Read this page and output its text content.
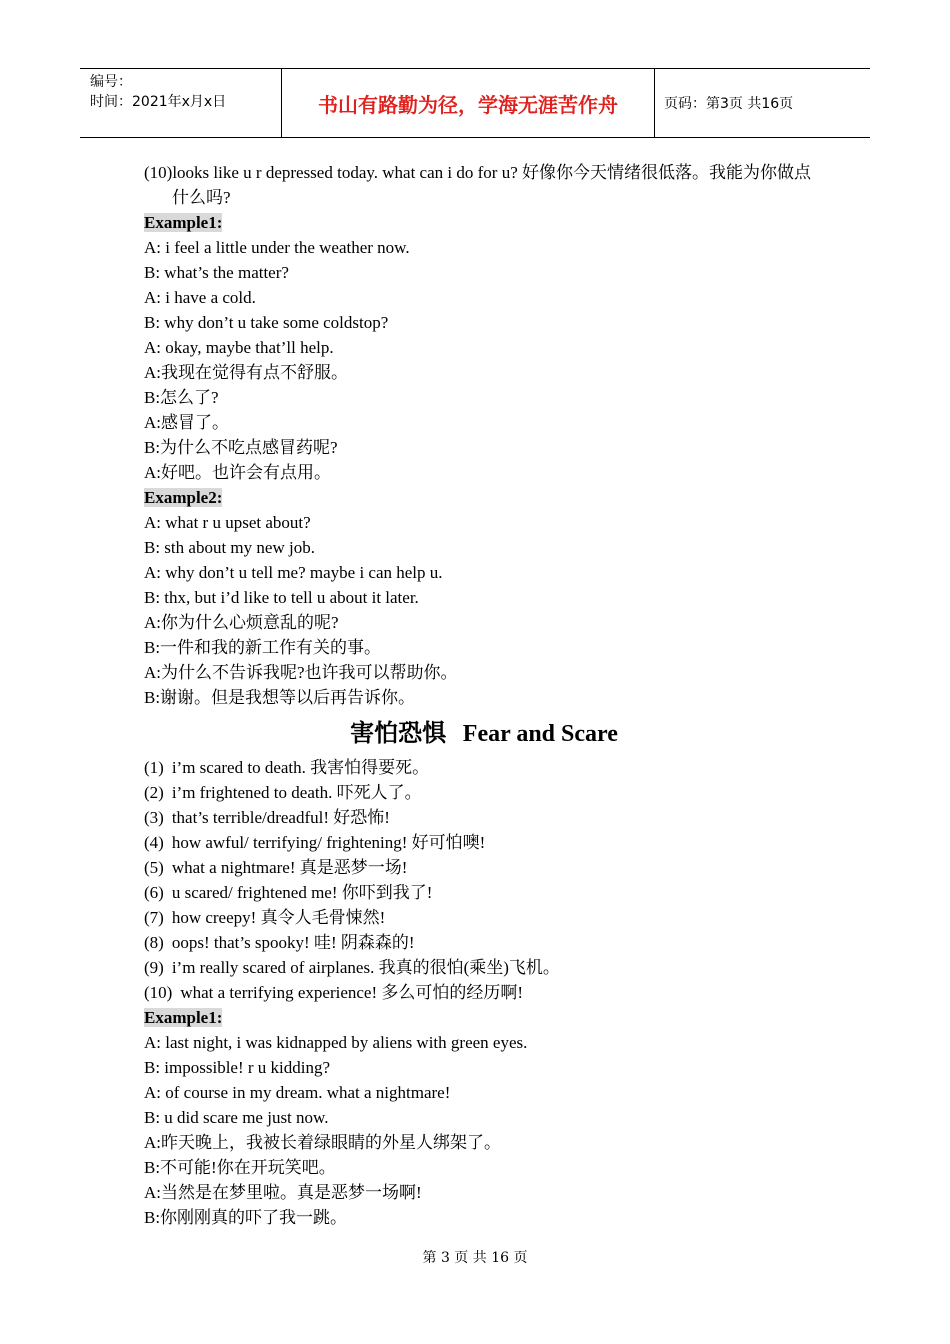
编号：
时间：2021年x月x日	书山有路勤为径，学海无涯苦作舟	页码：第3页 共16页
(10)looks like u r depressed today. what can i do for u? 好像你今天情绪很低落。我能为你做点什么吗?
Example1:
A: i feel a little under the weather now.
B: what’s the matter?
A: i have a cold.
B: why don’t u take some coldstop?
A: okay, maybe that’ll help.
A:我现在觉得有点不舒服。
B:怎么了?
A:感冒了。
B:为什么不吃点感冒药呢?
A:好吧。也许会有点用。
Example2:
A: what r u upset about?
B: sth about my new job.
A: why don’t u tell me? maybe i can help u.
B: thx, but i’d like to tell u about it later.
A:你为什么心烦意乱的呢?
B:一件和我的新工作有关的事。
A:为什么不告诉我呢?也许我可以帮助你。
B:谢谢。但是我想等以后再告诉你。
害怕恐惧 Fear and Scare
(1) i’m scared to death. 我害怕得要死。
(2) i’m frightened to death. 吓死人了。
(3) that’s terrible/dreadful! 好恐怖!
(4) how awful/ terrifying/ frightening! 好可怕噢!
(5) what a nightmare! 真是恶梦一场!
(6) u scared/ frightened me! 你吓到我了!
(7) how creepy! 真令人毛骨悚然!
(8) oops! that’s spooky! 哇! 阴森森的!
(9) i’m really scared of airplanes. 我真的很怕(乘坐)飞机。
(10) what a terrifying experience! 多么可怕的经历啊!
Example1:
A: last night, i was kidnapped by aliens with green eyes.
B: impossible! r u kidding?
A: of course in my dream. what a nightmare!
B: u did scare me just now.
A:昨天晚上，我被长着绿眼睛的外星人绑架了。
B:不可能!你在开玩笑吧。
A:当然是在梦里啦。真是恶梦一场啊!
B:你刚刚真的吓了我一跳。
第 3 页 共 16 页
